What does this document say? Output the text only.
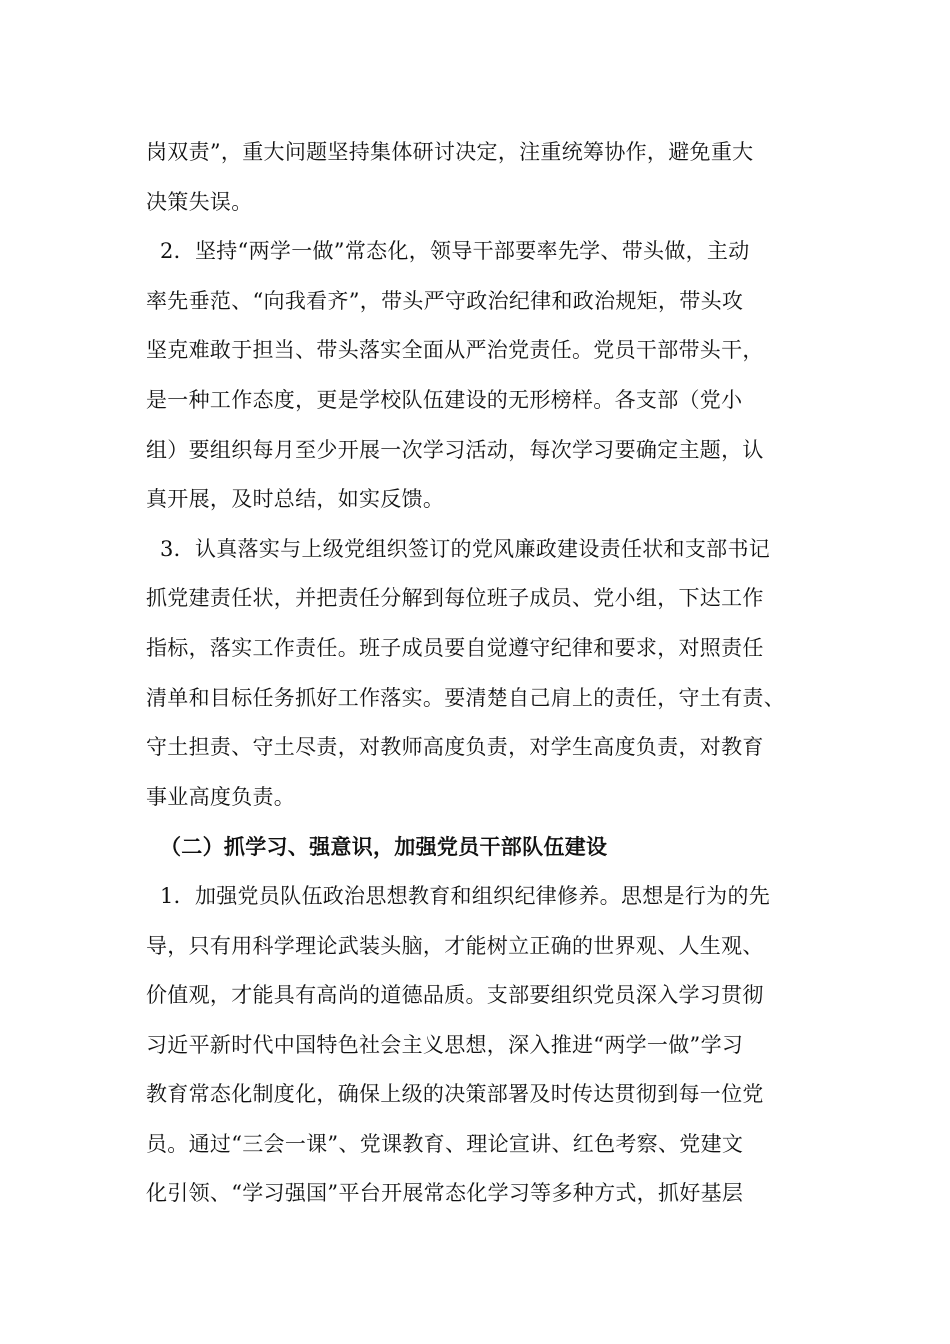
岗双责”，重大问题坚持集体研讨决定，注重统筹协作，避免重大
决策失误。
2．坚持“两学一做”常态化，领导干部要率先学、带头做，主动
率先垂范、“向我看齐”，带头严守政治纪律和政治规矩，带头攻
坚克难敢于担当、带头落实全面从严治党责任。党员干部带头干，
是一种工作态度，更是学校队伍建设的无形榜样。各支部（党小
组）要组织每月至少开展一次学习活动，每次学习要确定主题，认
真开展，及时总结，如实反馈。
3．认真落实与上级党组织签订的党风廉政建设责任状和支部书记
抓党建责任状，并把责任分解到每位班子成员、党小组，下达工作
指标，落实工作责任。班子成员要自觉遵守纪律和要求，对照责任
清单和目标任务抓好工作落实。要清楚自己肩上的责任，守土有责、
守土担责、守土尽责，对教师高度负责，对学生高度负责，对教育
事业高度负责。
（二）抓学习、强意识，加强党员干部队伍建设
1．加强党员队伍政治思想教育和组织纪律修养。思想是行为的先
导，只有用科学理论武装头脑，才能树立正确的世界观、人生观、
价值观，才能具有高尚的道德品质。支部要组织党员深入学习贯彻
习近平新时代中国特色社会主义思想，深入推进“两学一做”学习
教育常态化制度化，确保上级的决策部署及时传达贯彻到每一位党
员。通过“三会一课”、党课教育、理论宣讲、红色考察、党建文
化引领、“学习强国”平台开展常态化学习等多种方式，抓好基层
